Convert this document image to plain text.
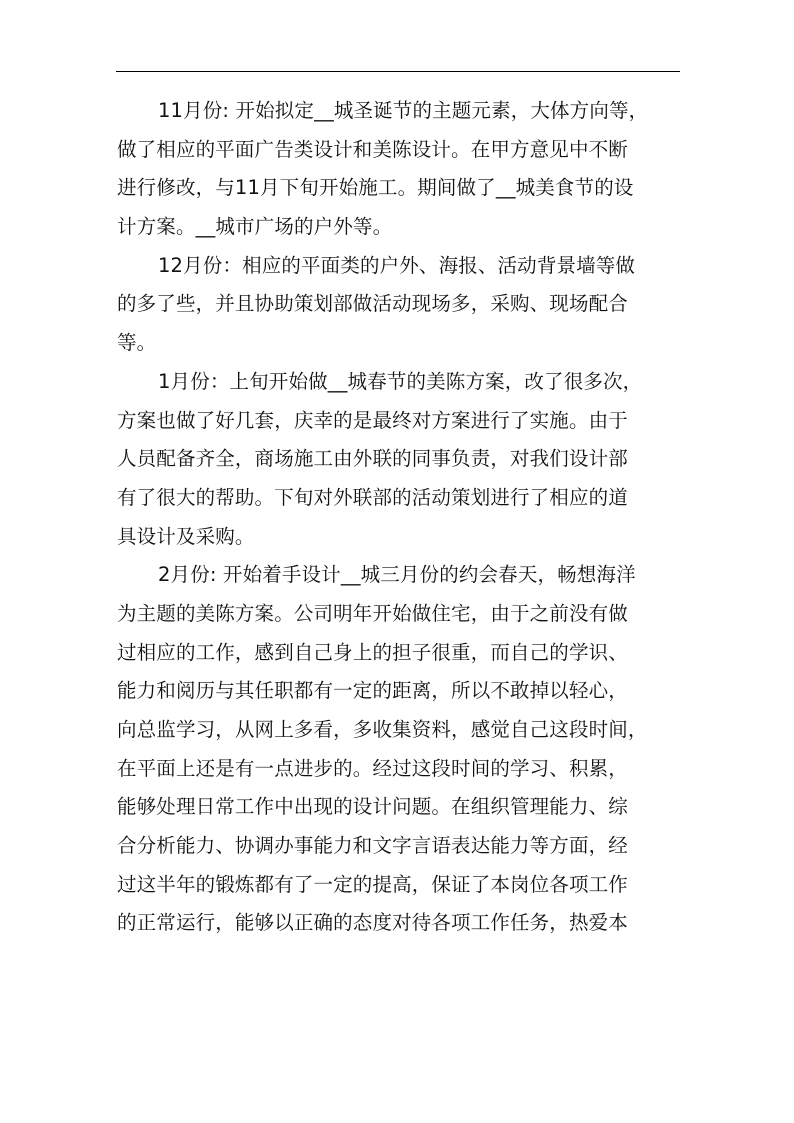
11月份: 开始拟定__城圣诞节的主题元素，大体方向等，
做了相应的平面广告类设计和美陈设计。在甲方意见中不断
进行修改，与11月下旬开始施工。期间做了__城美食节的设
计方案。__城市广场的户外等。
12月份：相应的平面类的户外、海报、活动背景墙等做
的多了些，并且协助策划部做活动现场多，采购、现场配合
等。
1月份：上旬开始做__城春节的美陈方案，改了很多次，
方案也做了好几套，庆幸的是最终对方案进行了实施。由于
人员配备齐全，商场施工由外联的同事负责，对我们设计部
有了很大的帮助。下旬对外联部的活动策划进行了相应的道
具设计及采购。
2月份: 开始着手设计__城三月份的约会春天，畅想海洋
为主题的美陈方案。公司明年开始做住宅，由于之前没有做
过相应的工作，感到自己身上的担子很重，而自己的学识、
能力和阅历与其任职都有一定的距离，所以不敢掉以轻心，
向总监学习，从网上多看，多收集资料，感觉自己这段时间，
在平面上还是有一点进步的。经过这段时间的学习、积累，
能够处理日常工作中出现的设计问题。在组织管理能力、综
合分析能力、协调办事能力和文字言语表达能力等方面，经
过这半年的锻炼都有了一定的提高，保证了本岗位各项工作
的正常运行，能够以正确的态度对待各项工作任务，热爱本
